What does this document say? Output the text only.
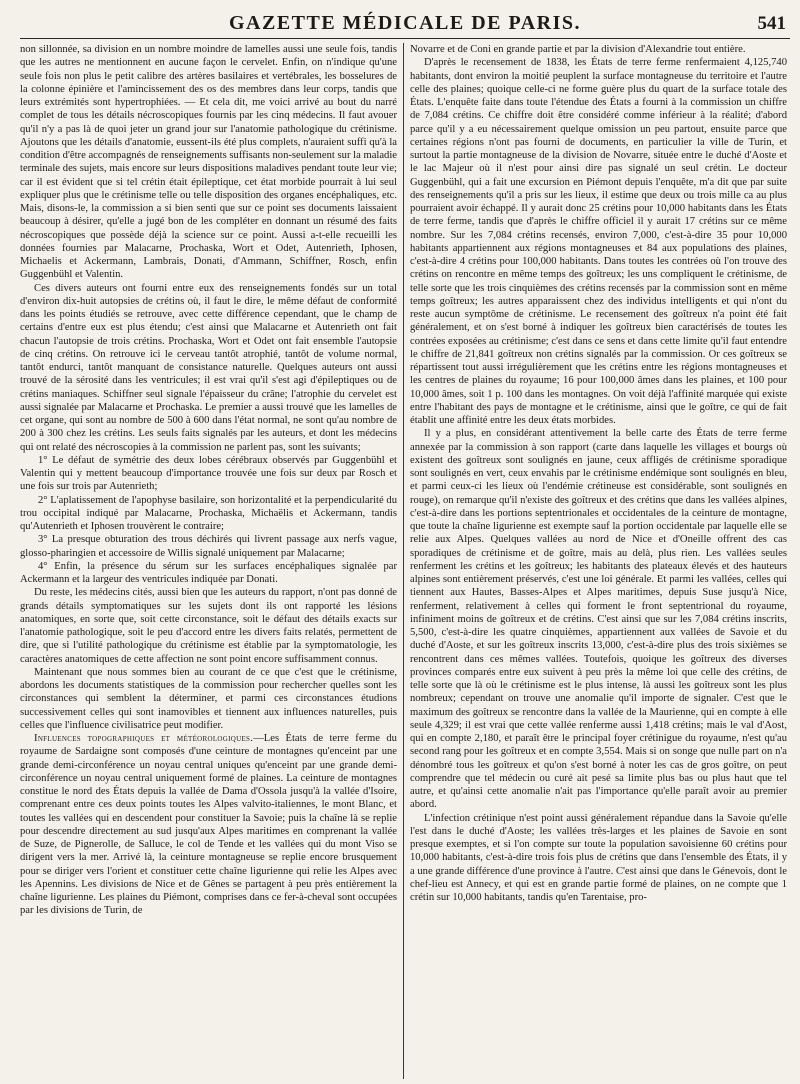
GAZETTE MÉDICALE DE PARIS.	541

non sillonnée, sa division en un nombre moindre de lamelles aussi une seule fois, tandis que les autres ne mentionnent en aucune façon le cervelet. Enfin, on n'indique qu'une seule fois non plus le petit calibre des artères basilaires et vertébrales, les bosselures de la colonne épinière et l'amincissement des os des membres dans leur corps, tandis que leurs extrémités sont hypertrophiées. — Et cela dit, me voici arrivé au bout du narré complet de tous les détails nécroscopiques fournis par les cinq médecins. Il faut avouer qu'il n'y a pas là de quoi jeter un grand jour sur l'anatomie pathologique du crétinisme. Ajoutons que les détails d'anatomie, eussent-ils été plus complets, n'auraient suffi qu'à la condition d'être accompagnés de renseignements suffisants non-seulement sur la maladie terminale des sujets, mais encore sur leurs dispositions maladives pendant toute leur vie; car il est évident que si tel crétin était épileptique, cet état morbide pourrait à lui seul expliquer plus que le crétinisme telle ou telle disposition des organes encéphaliques, etc. Mais, disons-le, la commission a si bien senti que sur ce point ses documents laissaient beaucoup à désirer, qu'elle a jugé bon de les compléter en donnant un résumé des faits nécroscopiques que possède déjà la science sur ce point. Aussi a-t-elle recueilli les données fournies par Malacarne, Prochaska, Wort et Odet, Autenrieth, Iphosen, Michaelis et Ackermann, Lambrais, Donati, d'Ammann, Schiffner, Rosch, enfin Guggenbühl et Valentin.

Ces divers auteurs ont fourni entre eux des renseignements fondés sur un total d'environ dix-huit autopsies de crétins où, il faut le dire, le même défaut de conformité dans les points étudiés se retrouve, avec cette différence cependant, que le champ de certains d'entre eux est plus étendu; c'est ainsi que Malacarne et Autenrieth ont fait chacun l'autopsie de trois crétins. Prochaska, Wort et Odet ont fait ensemble l'autopsie de cinq crétins. On retrouve ici le cerveau tantôt atrophié, tantôt de volume normal, tantôt endurci, tantôt manquant de consistance naturelle. Quelques auteurs ont aussi trouvé de la sérosité dans les ventricules; il est vrai qu'il s'est agi d'épileptiques ou de crétins maniaques. Schiffner seul signale l'épaisseur du crâne; l'atrophie du cervelet est aussi signalée par Malacarne et Prochaska. Le premier a aussi trouvé que les lamelles de cet organe, qui sont au nombre de 500 à 600 dans l'état normal, ne sont qu'au nombre de 200 à 300 chez les crétins. Les seuls faits signalés par les auteurs, et dont les médecins qui ont relaté des nécroscopies à la commission ne parlent pas, sont les suivants;

1° Le défaut de symétrie des deux lobes cérébraux observés par Guggenbühl et Valentin qui y mettent beaucoup d'importance trouvée une fois sur deux par Rosch et une fois sur trois par Autenrieth;

2° L'aplatissement de l'apophyse basilaire, son horizontalité et la perpendicularité du trou occipital indiqué par Malacarne, Prochaska, Michaëlis et Ackermann, tandis qu'Autenrieth et Iphosen trouvèrent le contraire;

3° La presque obturation des trous déchirés qui livrent passage aux nerfs vague, glosso-pharingien et accessoire de Willis signalé uniquement par Malacarne;

4° Enfin, la présence du sérum sur les surfaces encéphaliques signalée par Ackermann et la largeur des ventricules indiquée par Donati.

Du reste, les médecins cités, aussi bien que les auteurs du rapport, n'ont pas donné de grands détails symptomatiques sur les sujets dont ils ont rapporté les lésions anatomiques, en sorte que, soit cette circonstance, soit le défaut des détails exacts sur l'anatomie pathologique, soit le peu d'accord entre les divers faits relatés, permettent de dire, que si l'utilité pathologique du crétinisme est établie par la symptomatologie, les caractères anatomiques de cette affection ne sont point encore suffisamment connus.

Maintenant que nous sommes bien au courant de ce que c'est que le crétinisme, abordons les documents statistiques de la commission pour rechercher quelles sont les circonstances qui semblent la déterminer, et parmi ces circonstances étudions successivement celles qui sont inamovibles et tiennent aux influences naturelles, puis celles que l'influence civilisatrice peut modifier.

Influences topographiques et météorologiques.—Les États de terre ferme du royaume de Sardaigne sont composés d'une ceinture de montagnes qu'enceint par une grande demi-circonférence un noyau central uniques qu'enceint par une grande demi-circonférence un noyau central uniquement formé de plaines. La ceinture de montagnes constitue le nord des États depuis la vallée de Dama d'Ossola jusqu'à la vallée d'Isoire, comprenant entre ces deux points toutes les Alpes valvito-italiennes, le mont Blanc, et toutes les vallées qui en descendent pour constituer la Savoie; puis la chaîne là se replie pour descendre directement au sud jusqu'aux Alpes maritimes en comprenant la vallée de Suze, de Pignerolle, de Salluce, le col de Tende et les vallées qui du mont Viso se dirigent vers la mer. Arrivé là, la ceinture montagneuse se replie encore brusquement pour se diriger vers l'orient et constituer cette chaîne ligurienne qui relie les Alpes avec les Apennins. Les divisions de Nice et de Gênes se partagent à peu près entièrement la chaîne ligurienne. Les plaines du Piémont, comprises dans ce fer-à-cheval sont occupées par les divisions de Turin, de

Novarre et de Coni en grande partie et par la division d'Alexandrie tout entière.

D'après le recensement de 1838, les États de terre ferme renfermaient 4,125,740 habitants, dont environ la moitié peuplent la surface montagneuse du territoire et l'autre celle des plaines; quoique celle-ci ne forme guère plus du quart de la surface totale des États. L'enquête faite dans toute l'étendue des États a fourni à la commission un chiffre de 7,084 crétins. Ce chiffre doit être considéré comme inférieur à la réalité; d'abord parce qu'il y a eu nécessairement quelque omission un peu partout, ensuite parce que certaines régions n'ont pas fourni de documents, en particulier la ville de Turin, et surtout la partie montagneuse de la division de Novarre, située entre le duché d'Aoste et le lac Majeur où il n'est pour ainsi dire pas signalé un seul crétin. Le docteur Guggenbühl, qui a fait une excursion en Piémont depuis l'enquête, m'a dit que par suite des renseignements qu'il a pris sur les lieux, il estime que deux ou trois mille ca au plus pourraient avoir échappé. Il y aurait donc 25 crétins pour 10,000 habitants dans les États de terre ferme, tandis que d'après le chiffre officiel il y aurait 17 crétins sur ce même nombre. Sur les 7,084 crétins recensés, environ 7,000, c'est-à-dire 35 pour 10,000 habitants appartiennent aux régions montagneuses et 84 aux populations des plaines, c'est-à-dire 4 crétins pour 100,000 habitants. Dans toutes les contrées où l'on trouve des crétins on rencontre en même temps des goîtreux; les uns compliquent le crétinisme, de telle sorte que les trois cinquièmes des crétins recensés par la commission sont en même temps goîtreux; les autres apparaissent chez des individus intelligents et qui n'ont du reste aucun symptôme de crétinisme. Le recensement des goîtreux n'a point été fait généralement, et on s'est borné à indiquer les goîtreux bien caractérisés de toutes les contrées exposées au crétinisme; c'est dans ce sens et dans cette limite qu'il faut entendre le chiffre de 21,841 goîtreux non crétins signalés par la commission. Or ces goîtreux se répartissent tout aussi irrégulièrement que les crétins entre les régions montagneuses et les centres de plaines du royaume; 16 pour 100,000 âmes dans les plaines, et 100 pour 10,000 âmes, soit 1 p. 100 dans les montagnes. On voit déjà l'affinité marquée qui existe entre l'habitant des pays de montagne et le crétinisme, ainsi que le goître, ce qui de fait établit une affinité entre les deux états morbides.

Il y a plus, en considérant attentivement la belle carte des États de terre ferme annexée par la commission à son rapport (carte dans laquelle les villages et bourgs où existent des goîtreux sont soulignés en jaune, ceux affligés de crétinisme sporadique sont soulignés en vert, ceux envahis par le crétinisme endémique sont soulignés en bleu, et parmi ceux-ci les lieux où l'endémie crétineuse est considérable, sont soulignés en rouge), on remarque qu'il n'existe des goîtreux et des crétins que dans les vallées alpines, c'est-à-dire dans les portions septentrionales et occidentales de la ceinture de montagne, que toute la chaîne ligurienne est exempte sauf la portion occidentale par laquelle elle se relie aux Alpes. Quelques vallées au nord de Nice et d'Oneille offrent des cas sporadiques de crétinisme et de goître, mais au delà, plus rien. Les vallées seules renferment les crétins et les goîtreux; les habitants des plateaux élevés et des hauteurs alpines sont entièrement préservés, c'est une loi générale. Et parmi les vallées, celles qui tiennent aux Hautes, Basses-Alpes et Alpes maritimes, depuis Suse jusqu'à Nice, renferment, relativement à celles qui forment le front septentrional du royaume, infiniment moins de goîtreux et de crétins. C'est ainsi que sur les 7,084 crétins inscrits, 5,500, c'est-à-dire les quatre cinquièmes, appartiennent aux vallées de Savoie et du duché d'Aoste, et sur les goîtreux inscrits 13,000, c'est-à-dire plus des trois sixièmes se rencontrent dans ces mêmes vallées. Toutefois, quoique les goîtreux des diverses provinces comparés entre eux suivent à peu près la même loi que celle des crétins, de telle sorte que là où le crétinisme est le plus intense, là aussi les goîtreux sont les plus nombreux; cependant on trouve une anomalie qu'il importe de signaler. C'est que le maximum des goîtreux se rencontre dans la vallée de la Maurienne, qui en compte à elle seule 4,329; il est vrai que cette vallée renferme aussi 1,418 crétins; mais le val d'Aost, qui en compte 2,180, et paraît être le principal foyer crétinigue du royaume, n'est qu'au second rang pour les goîtreux et en compte 3,554. Mais si on songe que nulle part on n'a dénombré tous les goîtreux et qu'on s'est borné à noter les cas de gros goître, on peut comprendre que tel médecin ou curé ait pesé sa limite plus bas ou plus haut que tel autre, et qu'ainsi cette anomalie n'ait pas l'importance qu'elle paraît avoir au premier abord.

L'infection crétinique n'est point aussi généralement répandue dans la Savoie qu'elle l'est dans le duché d'Aoste; les vallées très-larges et les plaines de Savoie en sont presque exemptes, et si l'on compte sur toute la population savoisienne 60 crétins pour 10,000 habitants, c'est-à-dire trois fois plus de crétins que dans l'ensemble des États, il y a une grande différence d'une province à l'autre. C'est ainsi que dans le Génevois, dont le chef-lieu est Annecy, et qui est en grande partie formé de plaines, on ne compte que 1 crétin sur 10,000 habitants, tandis qu'en Tarentaise, pro-
